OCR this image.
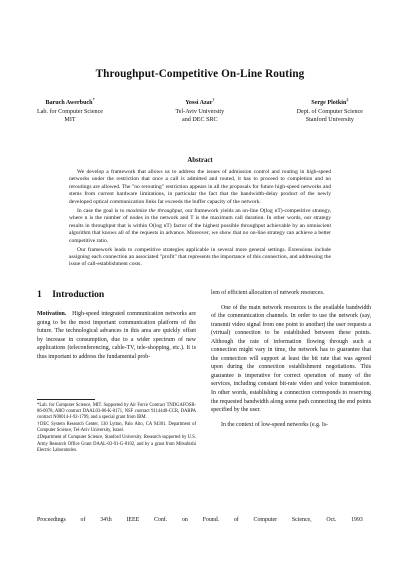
Throughput-Competitive On-Line Routing
Baruch Awerbuch*
Lab. for Computer Science
MIT
Yossi Azar†
Tel-Aviv University
and DEC SRC
Serge Plotkin‡
Dept. of Computer Science
Stanford University
Abstract

We develop a framework that allows us to address the issues of admission control and routing in high-speed networks under the restriction that once a call is admitted and routed, it has to proceed to completion and no reroutings are allowed. The "no rerouting" restriction appears in all the proposals for future high-speed networks and stems from current hardware limitations, in particular the fact that the bandwidth-delay product of the newly developed optical communication links far exceeds the buffer capacity of the network.

In case the goal is to maximize the throughput, our framework yields an on-line O(log nT)-competitive strategy, where n is the number of nodes in the network and T is the maximum call duration. In other words, our strategy results in throughput that is within O(log nT) factor of the highest possible throughput achievable by an omniscient algorithm that knows all of the requests in advance. Moreover, we show that no on-line strategy can achieve a better competitive ratio.

Our framework leads to competitive strategies applicable in several more general settings. Extensions include assigning each connection an associated "profit" that represents the importance of this connection, and addressing the issue of call-establishment costs.

1 Introduction

Motivation. High-speed integrated communication networks are going to be the most important communication platform of the future. The technological advances in this area are quickly offset by increase in consumption, due to a wider spectrum of new applications (teleconferencing, cable-TV, tele-shopping, etc.). It is thus important to address the fundamental prob-

*Lab. for Computer Science, MIT. Supported by Air Force Contract TNDGAFOSR-86-0078, ARO contract DAAL03-86-K-0171, NSF contract 9114440-CCR, DARPA contract N00014-J-92-1799, and a special grant from IBM.

†DEC System Research Center, 130 Lytton, Palo Alto, CA 94301. Department of Computer Science, Tel-Aviv University, Israel.

‡Department of Computer Science, Stanford University. Research supported by U.S. Army Research Office Grant DAAL-03-91-G-0102, and by a grant from Mitsubishi Electric Laboratories.

lem of efficient allocation of network resources.

One of the main network resources is the available bandwidth of the communication channels. In order to use the network (say, transmit video signal from one point to another) the user requests a (virtual) connection to be established between these points. Although the rate of information flowing through such a connection might vary in time, the network has to guarantee that the connection will support at least the bit rate that was agreed upon during the connection establishment negotiations. This guarantee is imperative for correct operation of many of the services, including constant bit-rate video and voice transmission. In other words, establishing a connection corresponds to reserving the requested bandwidth along some path connecting the end points specified by the user.

In the context of low-speed networks (e.g. Is-

Proceedings of 34'th IEEE Conf. on Found. of Computer Science, Oct. 1993
